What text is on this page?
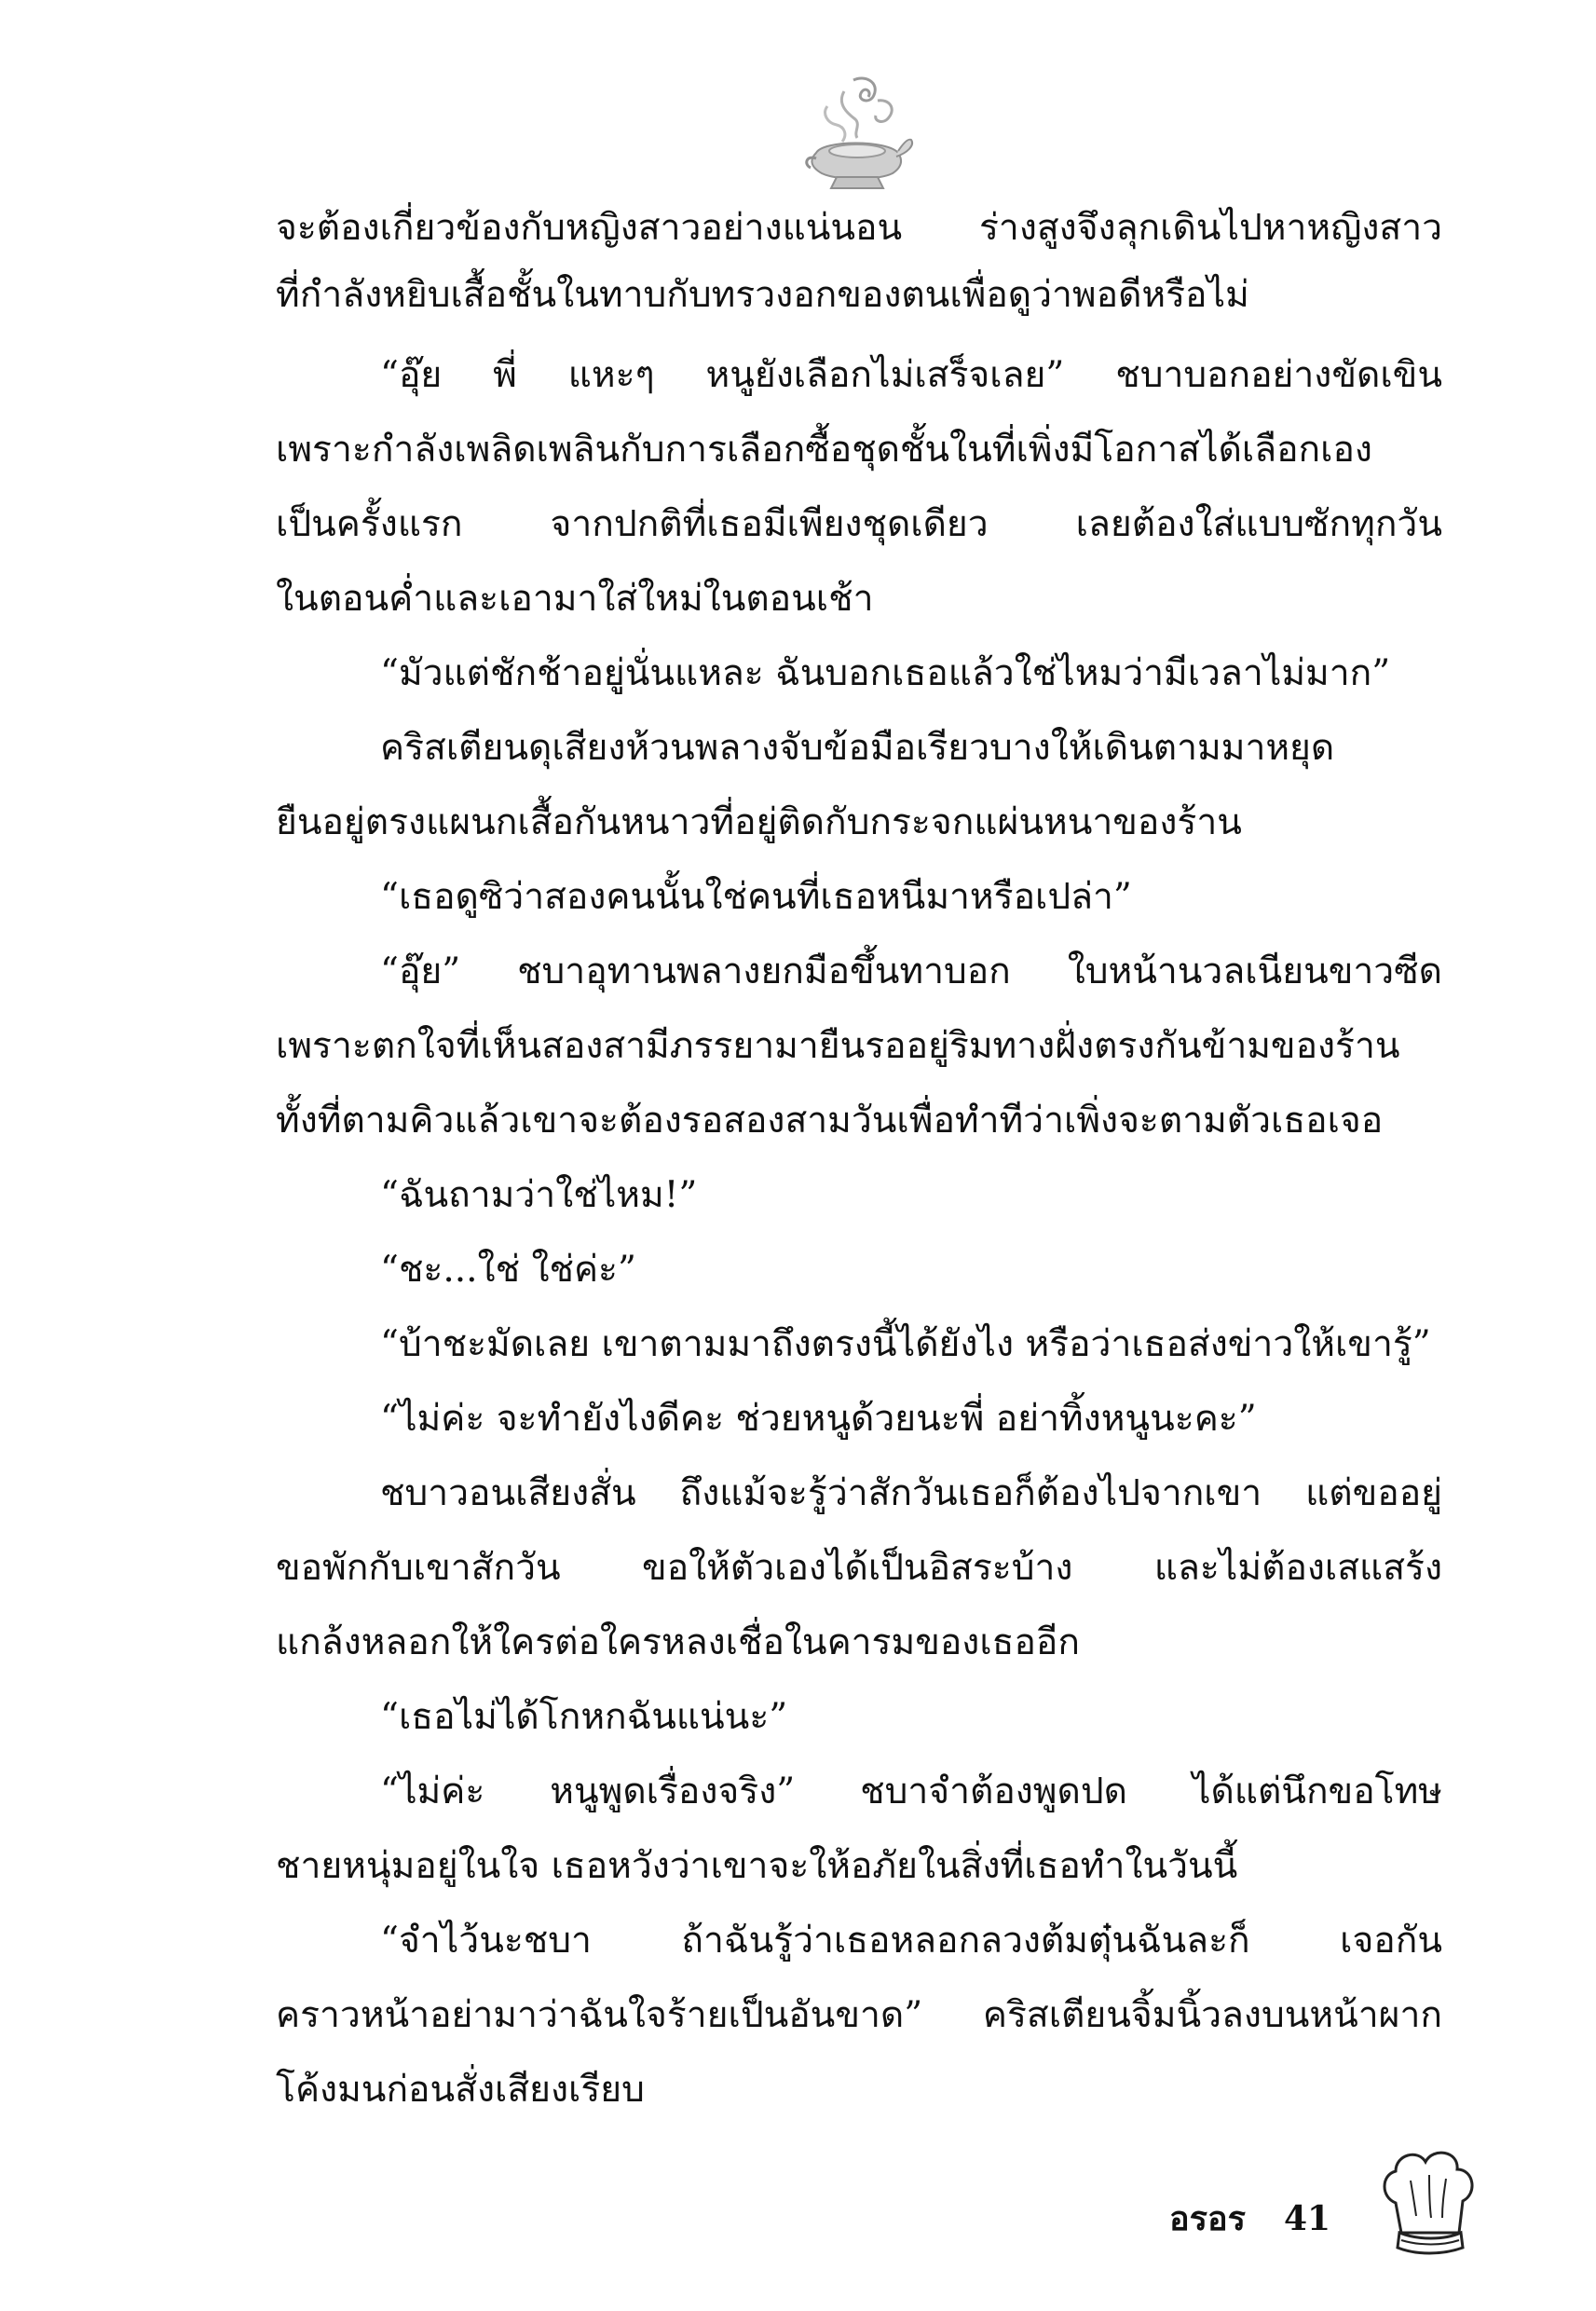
จะต้องเกี่ยวข้องกับหญิงสาวอย่างแน่นอน ร่างสูงจึงลุกเดินไปหาหญิงสาว
ที่กำลังหยิบเสื้อชั้นในทาบกับทรวงอกของตนเพื่อดูว่าพอดีหรือไม่
“อุ๊ย พี่ แหะๆ หนูยังเลือกไม่เสร็จเลย” ชบาบอกอย่างขัดเขิน
เพราะกำลังเพลิดเพลินกับการเลือกซื้อชุดชั้นในที่เพิ่งมีโอกาสได้เลือกเอง
เป็นครั้งแรก จากปกติที่เธอมีเพียงชุดเดียว เลยต้องใส่แบบซักทุกวัน
ในตอนค่ำและเอามาใส่ใหม่ในตอนเช้า
“มัวแต่ชักช้าอยู่นั่นแหละ ฉันบอกเธอแล้วใช่ไหมว่ามีเวลาไม่มาก”
คริสเตียนดุเสียงห้วนพลางจับข้อมือเรียวบางให้เดินตามมาหยุด
ยืนอยู่ตรงแผนกเสื้อกันหนาวที่อยู่ติดกับกระจกแผ่นหนาของร้าน
“เธอดูซิว่าสองคนนั้นใช่คนที่เธอหนีมาหรือเปล่า”
“อุ๊ย” ชบาอุทานพลางยกมือขึ้นทาบอก ใบหน้านวลเนียนขาวซีด
เพราะตกใจที่เห็นสองสามีภรรยามายืนรออยู่ริมทางฝั่งตรงกันข้ามของร้าน
ทั้งที่ตามคิวแล้วเขาจะต้องรอสองสามวันเพื่อทำทีว่าเพิ่งจะตามตัวเธอเจอ
“ฉันถามว่าใช่ไหม!”
“ชะ...ใช่ ใช่ค่ะ”
“บ้าชะมัดเลย เขาตามมาถึงตรงนี้ได้ยังไง หรือว่าเธอส่งข่าวให้เขารู้”
“ไม่ค่ะ จะทำยังไงดีคะ ช่วยหนูด้วยนะพี่ อย่าทิ้งหนูนะคะ”
ชบาวอนเสียงสั่น ถึงแม้จะรู้ว่าสักวันเธอก็ต้องไปจากเขา แต่ขออยู่
ขอพักกับเขาสักวัน ขอให้ตัวเองได้เป็นอิสระบ้าง และไม่ต้องเสแสร้ง
แกล้งหลอกให้ใครต่อใครหลงเชื่อในคารมของเธออีก
“เธอไม่ได้โกหกฉันแน่นะ”
“ไม่ค่ะ หนูพูดเรื่องจริง” ชบาจำต้องพูดปด ได้แต่นึกขอโทษ
ชายหนุ่มอยู่ในใจ เธอหวังว่าเขาจะให้อภัยในสิ่งที่เธอทำในวันนี้
“จำไว้นะชบา ถ้าฉันรู้ว่าเธอหลอกลวงต้มตุ๋นฉันละก็ เจอกัน
คราวหน้าอย่ามาว่าฉันใจร้ายเป็นอันขาด” คริสเตียนจิ้มนิ้วลงบนหน้าผาก
โค้งมนก่อนสั่งเสียงเรียบ
อรอร	41
